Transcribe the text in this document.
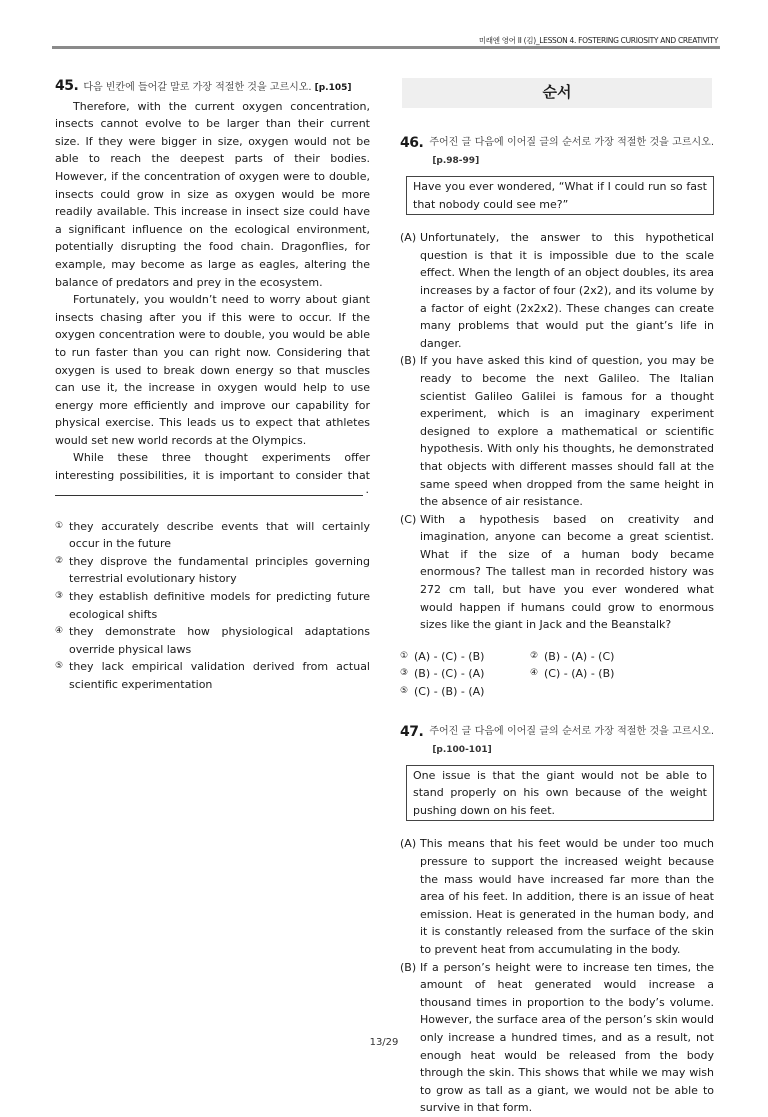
미래엔 영어 II (김)_LESSON 4. FOSTERING CURIOSITY AND CREATIVITY
45. 다음 빈칸에 들어갈 말로 가장 적절한 것을 고르시오. [p.105]

Therefore, with the current oxygen concentration, insects cannot evolve to be larger than their current size. If they were bigger in size, oxygen would not be able to reach the deepest parts of their bodies. However, if the concentration of oxygen were to double, insects could grow in size as oxygen would be more readily available. This increase in insect size could have a significant influence on the ecological environment, potentially disrupting the food chain. Dragonflies, for example, may become as large as eagles, altering the balance of predators and prey in the ecosystem.

Fortunately, you wouldn’t need to worry about giant insects chasing after you if this were to occur. If the oxygen concentration were to double, you would be able to run faster than you can right now. Considering that oxygen is used to break down energy so that muscles can use it, the increase in oxygen would help to use energy more efficiently and improve our capability for physical exercise. This leads us to expect that athletes would set new world records at the Olympics.

While these three thought experiments offer interesting possibilities, it is important to consider that

.
① they accurately describe events that will certainly occur in the future
② they disprove the fundamental principles governing terrestrial evolutionary history
③ they establish definitive models for predicting future ecological shifts
④ they demonstrate how physiological adaptations override physical laws
⑤ they lack empirical validation derived from actual scientific experimentation
순서
46. 주어진 글 다음에 이어질 글의 순서로 가장 적절한 것을 고르시오. [p.98-99]
Have you ever wondered, “What if I could run so fast that nobody could see me?”
(A) Unfortunately, the answer to this hypothetical question is that it is impossible due to the scale effect. When the length of an object doubles, its area increases by a factor of four (2x2), and its volume by a factor of eight (2x2x2). These changes can create many problems that would put the giant’s life in danger.
(B) If you have asked this kind of question, you may be ready to become the next Galileo. The Italian scientist Galileo Galilei is famous for a thought experiment, which is an imaginary experiment designed to explore a mathematical or scientific hypothesis. With only his thoughts, he demonstrated that objects with different masses should fall at the same speed when dropped from the same height in the absence of air resistance.
(C) With a hypothesis based on creativity and imagination, anyone can become a great scientist. What if the size of a human body became enormous? The tallest man in recorded history was 272 cm tall, but have you ever wondered what would happen if humans could grow to enormous sizes like the giant in Jack and the Beanstalk?
① (A) - (C) - (B)	② (B) - (A) - (C)
③ (B) - (C) - (A)	④ (C) - (A) - (B)
⑤ (C) - (B) - (A)
47. 주어진 글 다음에 이어질 글의 순서로 가장 적절한 것을 고르시오. [p.100-101]
One issue is that the giant would not be able to stand properly on his own because of the weight pushing down on his feet.
(A) This means that his feet would be under too much pressure to support the increased weight because the mass would have increased far more than the area of his feet. In addition, there is an issue of heat emission. Heat is generated in the human body, and it is constantly released from the surface of the skin to prevent heat from accumulating in the body.
(B) If a person’s height were to increase ten times, the amount of heat generated would increase a thousand times in proportion to the body’s volume. However, the surface area of the person’s skin would only increase a hundred times, and as a result, not enough heat would be released from the body through the skin. This shows that while we may wish to grow as tall as a giant, we would not be able to survive in that form.
13/29
